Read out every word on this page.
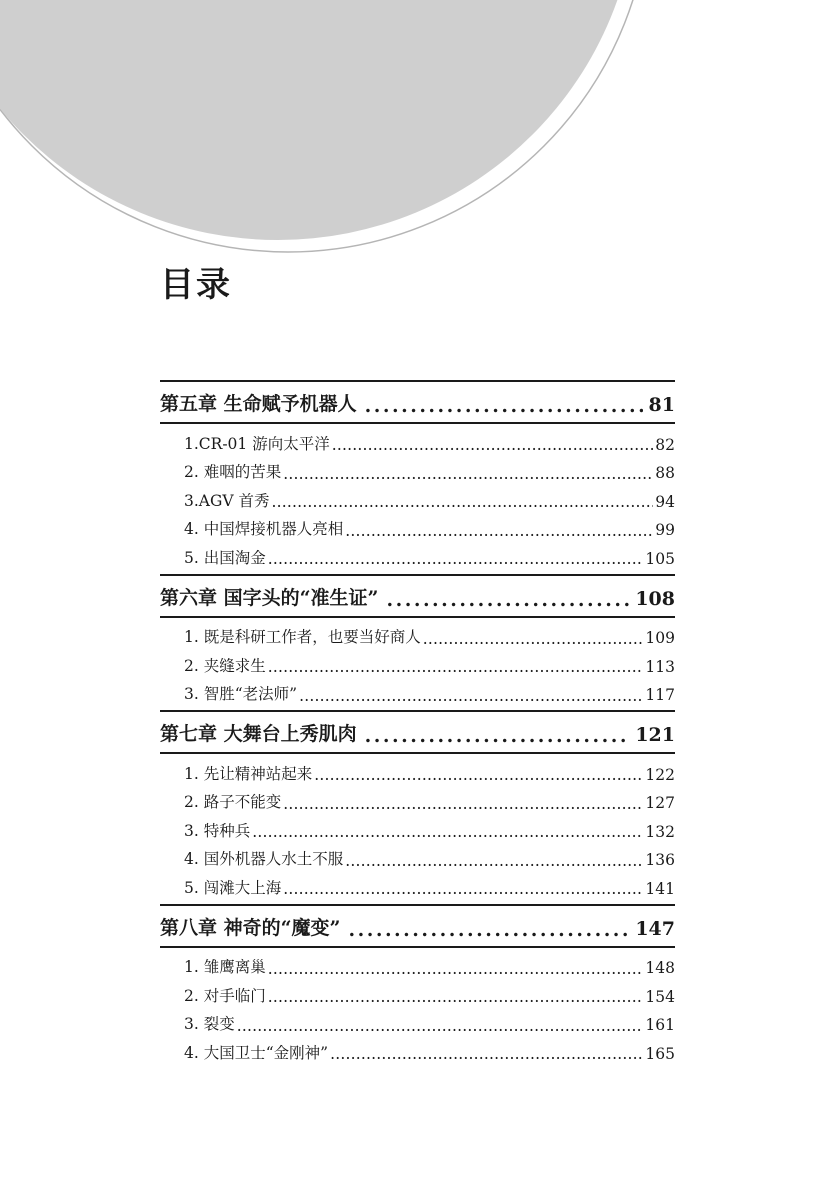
目录
第五章 生命赋予机器人 .....	81
1.CR-01 游向太平洋 .....	82
2. 难咽的苦果 .....	88
3.AGV 首秀 .....	94
4. 中国焊接机器人亮相 .....	99
5. 出国淘金 .....	105
第六章 国字头的“准生证” .....	108
1. 既是科研工作者，也要当好商人 .....	109
2. 夹缝求生 .....	113
3. 智胜“老法师” .....	117
第七章 大舞台上秀肌肉 .....	121
1. 先让精神站起来 .....	122
2. 路子不能变 .....	127
3. 特种兵 .....	132
4. 国外机器人水土不服 .....	136
5. 闯滩大上海 .....	141
第八章 神奇的“魔变” .....	147
1. 雏鹰离巢 .....	148
2. 对手临门 .....	154
3. 裂变 .....	161
4. 大国卫士“金刚神” .....	165
